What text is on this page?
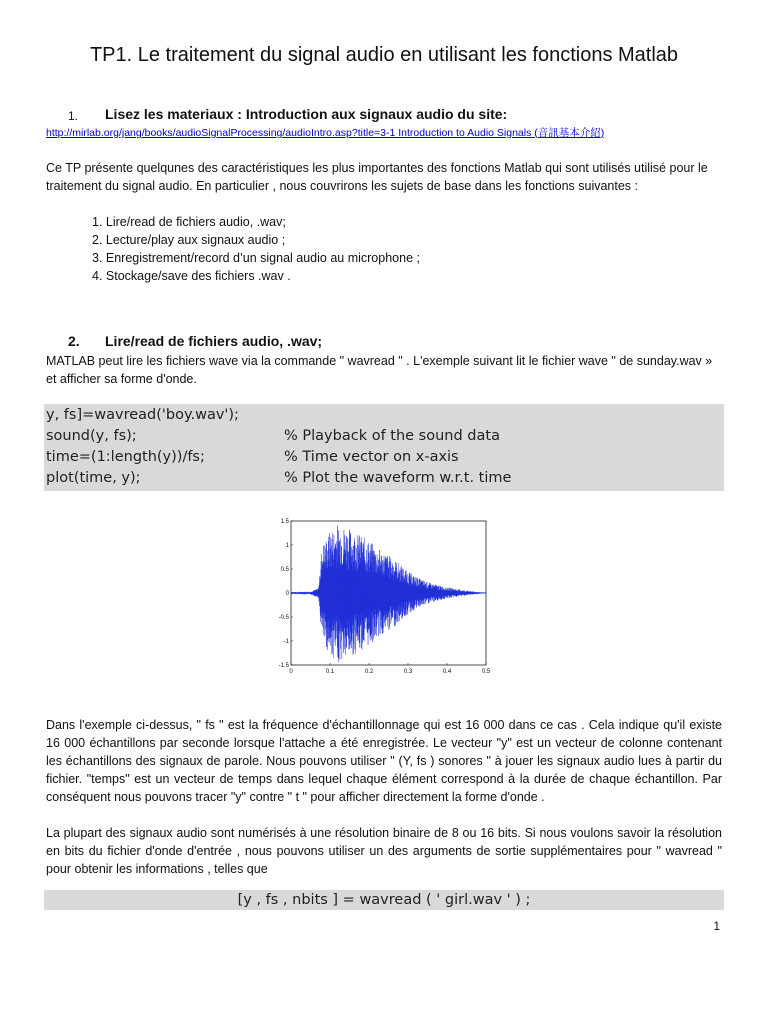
TP1. Le traitement du signal audio en utilisant les fonctions Matlab
1. Lisez les materiaux : Introduction aux signaux audio du site:
http://mirlab.org/jang/books/audioSignalProcessing/audioIntro.asp?title=3-1 Introduction to Audio Signals (音訊基本介紹)
Ce TP présente quelqunes des caractéristiques les plus importantes des fonctions Matlab qui sont utilisés utilisé pour le traitement du signal audio. En particulier , nous couvrirons les sujets de base dans les fonctions suivantes :
1. Lire/read de fichiers audio, .wav;
2. Lecture/play aux signaux audio ;
3. Enregistrement/record d’un signal audio au microphone ;
4. Stockage/save des fichiers .wav .
2. Lire/read de fichiers audio, .wav;
MATLAB peut lire les fichiers wave via la commande " wavread " . L'exemple suivant lit le fichier wave " de sunday.wav » et afficher sa forme d'onde.
y, fs]=wavread('boy.wav');
sound(y, fs);	% Playback of the sound data
time=(1:length(y))/fs;	% Time vector on x-axis
plot(time, y);	% Plot the waveform w.r.t. time
1.5
1
0.5
0
-0.5
-1
-1.5
0	0.1	0.2	0.3	0.4	0.5
Dans l'exemple ci-dessus, " fs " est la fréquence d'échantillonnage qui est 16 000 dans ce cas . Cela indique qu'il existe 16 000 échantillons par seconde lorsque l'attache a été enregistrée. Le vecteur "y" est un vecteur de colonne contenant les échantillons des signaux de parole. Nous pouvons utiliser " (Y, fs ) sonores " à jouer les signaux audio lues à partir du fichier. "temps" est un vecteur de temps dans lequel chaque élément correspond à la durée de chaque échantillon. Par conséquent nous pouvons tracer "y" contre " t " pour afficher directement la forme d'onde .
La plupart des signaux audio sont numérisés à une résolution binaire de 8 ou 16 bits. Si nous voulons savoir la résolution en bits du fichier d'onde d'entrée , nous pouvons utiliser un des arguments de sortie supplémentaires pour " wavread " pour obtenir les informations , telles que
[y , fs , nbits ] = wavread ( ' girl.wav ' ) ;
1
